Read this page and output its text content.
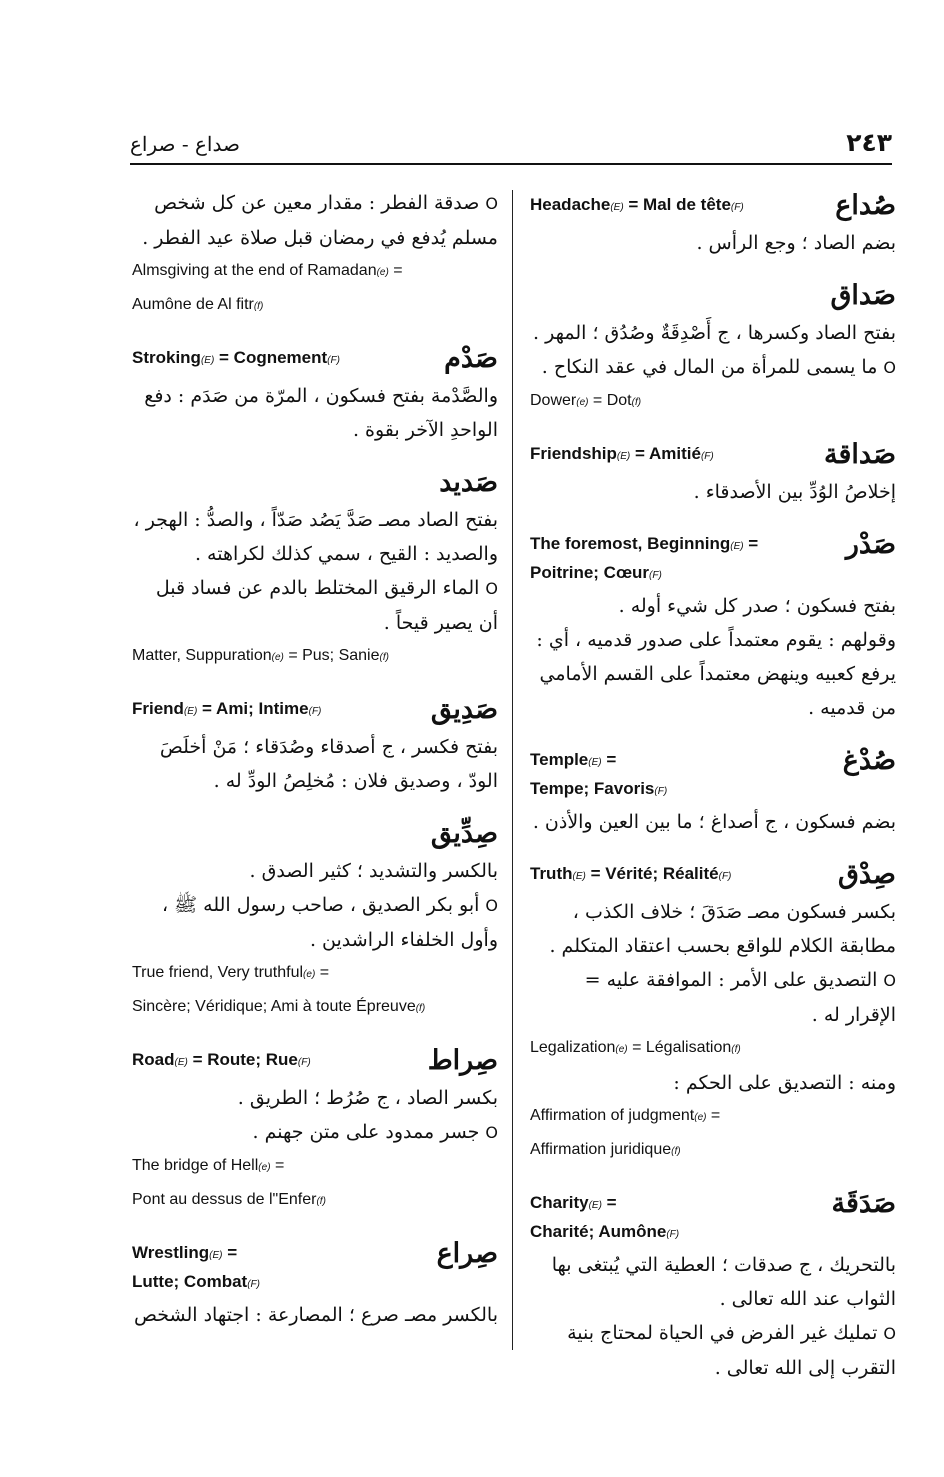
صداع - صراع	٢٤٣
صُداع
Headache(E) = Mal de tête(F)
بضم الصاد ؛ وجع الرأس .
صَداق
بفتح الصاد وكسرها ، ج أَصْدِقَةٌ وصُدُق ؛ المهر .
Oما يسمى للمرأة من المال في عقد النكاح .
Dower(e) = Dot(f)
صَداقة
Friendship(E) = Amitié(F)
إخلاصُ الوُدِّ بين الأصدقاء .
صَدْر
The foremost, Beginning(E) =
Poitrine; Cœur(F)
بفتح فسكون ؛ صدر كل شيء أوله .
وقولهم : يقوم معتمداً على صدور قدميه ، أي : يرفع كعبيه وينهض معتمداً على القسم الأمامي من قدميه .
صُدْغ
Temple(E) =
Tempe; Favoris(F)
بضم فسكون ، ج أصداغ ؛ ما بين العين والأذن .
صِدْق
Truth(E) = Vérité; Réalité(F)
بكسر فسكون مصـ صَدَقَ ؛ خلاف الكذب ، مطابقة الكلام للواقع بحسب اعتقاد المتكلم .
Oالتصديق على الأمر : الموافقة عليه = الإقرار له .
Legalization(e) = Légalisation(f)
ومنه : التصديق على الحكم :
Affirmation of judgment(e) =
Affirmation juridique(f)
صَدَقَة
Charity(E) =
Charité; Aumône(F)
بالتحريك ، ج صدقات ؛ العطية التي يُبتغى بها الثواب عند الله تعالى .
Oتمليك غير الفرض في الحياة لمحتاج بنية التقرب إلى الله تعالى .
Oصدقة الفطر : مقدار معين عن كل شخص مسلم يُدفع في رمضان قبل صلاة عيد الفطر .
Almsgiving at the end of Ramadan(e) =
Aumône de Al fitr(f)
صَدْم
Stroking(E) = Cognement(F)
والصَّدْمة بفتح فسكون ، المرّة من صَدَم : دفع الواحدِ الآخر بقوة .
صَديد
بفتح الصاد مصـ صَدَّ يَصُد صَدّاً ، والصدُّ : الهجر ، والصديد : القيح ، سمي كذلك لكراهته .
Oالماء الرقيق المختلط بالدم عن فساد قبل أن يصير قيحاً .
Matter, Suppuration(e) = Pus; Sanie(f)
صَدِيق
Friend(E) = Ami; Intime(F)
بفتح فكسر ، ج أصدقاء وصُدَقاء ؛ مَنْ أخلَصَ الودّ ، وصديق فلان : مُخلِصُ الودِّ له .
صِدِّيق
بالكسر والتشديد ؛ كثير الصدق .
Oأبو بكر الصديق ، صاحب رسول الله ﷺ ، وأول الخلفاء الراشدين .
True friend, Very truthful(e) =
Sincère; Véridique; Ami à toute Épreuve(f)
صِراط
Road(E) = Route; Rue(F)
بكسر الصاد ، ج صُرُط ؛ الطريق .
Oجسر ممدود على متن جهنم .
The bridge of Hell(e) =
Pont au dessus de l"Enfer(f)
صِراع
Wrestling(E) =
Lutte; Combat(F)
بالكسر مصـ صرع ؛ المصارعة : اجتهاد الشخص
